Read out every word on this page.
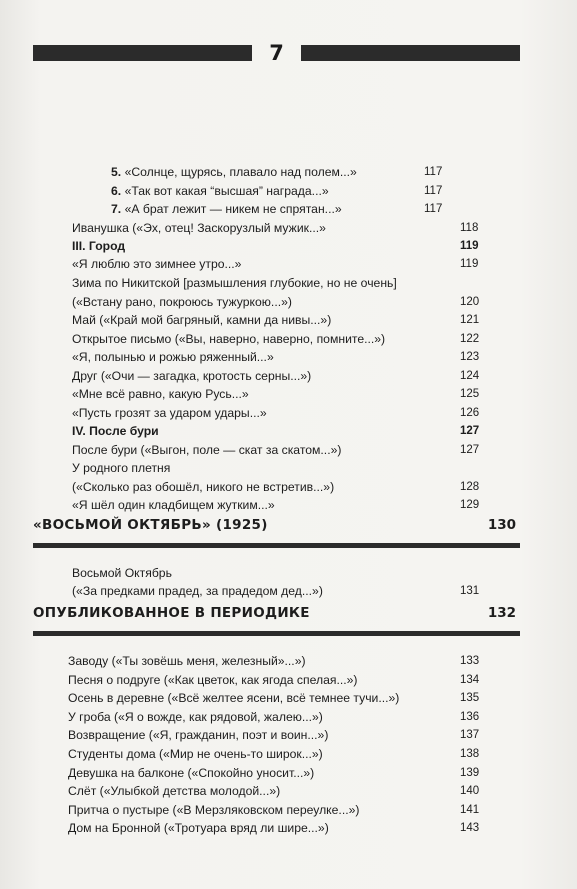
7
5. «Солнце, щурясь, плавало над полем...»	117
6. «Так вот какая “высшая” награда...»	117
7. «А брат лежит — никем не спрятан...»	117
Иванушка («Эх, отец! Заскорузлый мужик...»	118
III. Город	119
«Я люблю это зимнее утро...»	119
Зима по Никитской [размышления глубокие, но не очень]
(«Встану рано, покроюсь тужуркою...»)	120
Май («Край мой багряный, камни да нивы...»)	121
Открытое письмо («Вы, наверно, наверно, помните...»)	122
«Я, полынью и рожью ряженный...»	123
Друг («Очи — загадка, кротость серны...»)	124
«Мне всё равно, какую Русь...»	125
«Пусть грозят за ударом удары...»	126
IV. После бури	127
После бури («Выгон, поле — скат за скатом...»)	127
У родного плетня
(«Сколько раз обошёл, никого не встретив...»)	128
«Я шёл один кладбищем жутким...»	129
«ВОСЬМОЙ ОКТЯБРЬ» (1925)	130
Восьмой Октябрь
(«За предками прадед, за прадедом дед...»)	131
ОПУБЛИКОВАННОЕ В ПЕРИОДИКЕ	132
Заводу («Ты зовёшь меня, железный»...»)	133
Песня о подруге («Как цветок, как ягода спелая...»)	134
Осень в деревне («Всё желтее ясени, всё темнее тучи...»)	135
У гроба («Я о вожде, как рядовой, жалею...»)	136
Возвращение («Я, гражданин, поэт и воин...»)	137
Студенты дома («Мир не очень-то широк...»)	138
Девушка на балконе («Спокойно уносит...»)	139
Слёт («Улыбкой детства молодой...»)	140
Притча о пустыре («В Мерзляковском переулке...»)	141
Дом на Бронной («Тротуара вряд ли шире...»)	143
